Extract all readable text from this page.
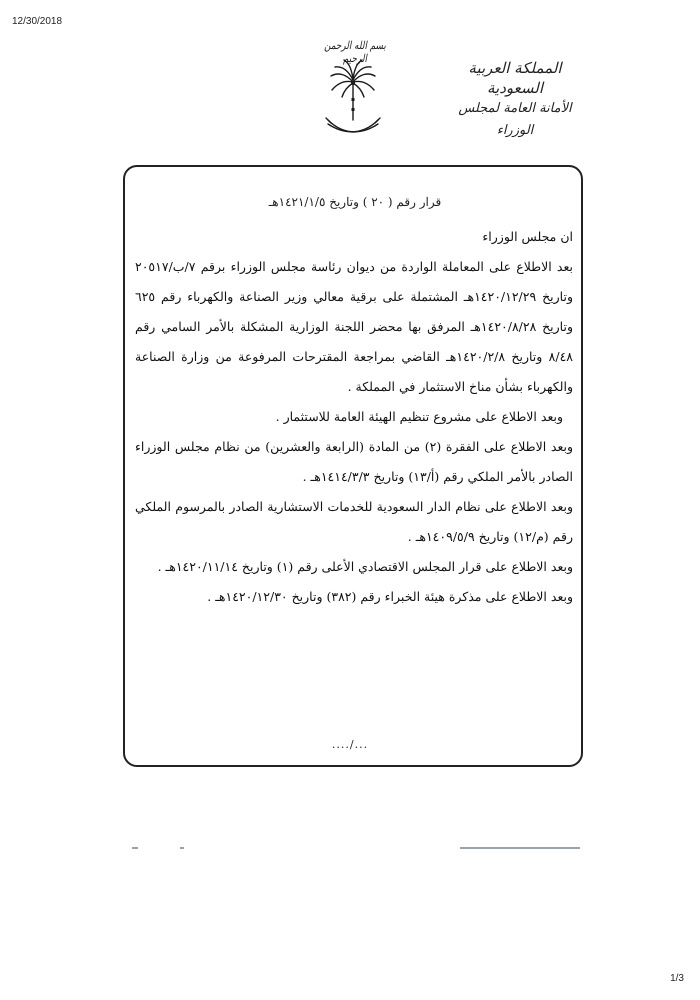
12/30/2018
بسم الله الرحمن الرحيم
المملكة العربية السعودية
الأمانة العامة لمجلس الوزراء
قرار رقم ( ٢٠ ) وتاريخ ١٤٢١/١/٥هـ

ان مجلس الوزراء

بعد الاطلاع على المعاملة الواردة من ديوان رئاسة مجلس الوزراء برقم ٧/ب/٢٠٥١٧ وتاريخ ١٤٢٠/١٢/٢٩هـ المشتملة على برقية معالي وزير الصناعة والكهرباء رقم ٦٢٥ وتاريخ ١٤٢٠/٨/٢٨هـ المرفق بها محضر اللجنة الوزارية المشكلة بالأمر السامي رقم ٨/٤٨ وتاريخ ١٤٢٠/٢/٨هـ القاضي بمراجعة المقترحات المرفوعة من وزارة الصناعة والكهرباء بشأن مناخ الاستثمار في المملكة .

وبعد الاطلاع على مشروع تنظيم الهيئة العامة للاستثمار .

وبعد الاطلاع على الفقرة (٢) من المادة (الرابعة والعشرين) من نظام مجلس الوزراء الصادر بالأمر الملكي رقم (أ/١٣) وتاريخ ١٤١٤/٣/٣هـ .

وبعد الاطلاع على نظام الدار السعودية للخدمات الاستشارية الصادر بالمرسوم الملكي رقم (م/١٢) وتاريخ ١٤٠٩/٥/٩هـ .

وبعد الاطلاع على قرار المجلس الاقتصادي الأعلى رقم (١) وتاريخ ١٤٢٠/١١/١٤هـ .

وبعد الاطلاع على مذكرة هيئة الخبراء رقم (٣٨٢) وتاريخ ١٤٢٠/١٢/٣٠هـ .

..../...
1/3
